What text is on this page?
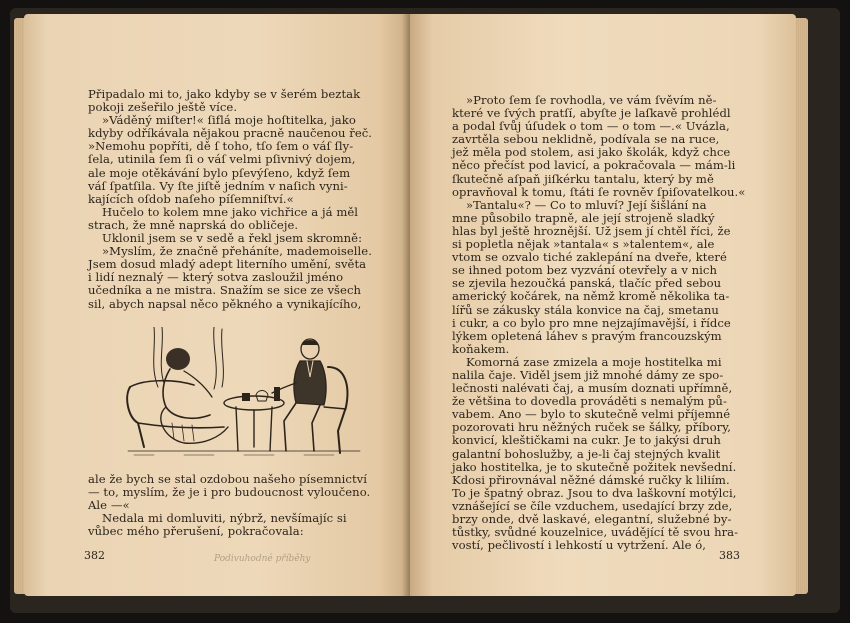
Připadalo mi to, jako kdyby se v šerém beztak
pokoji zešeřilo ještě více.
»Váděný miſter!« ſiflá moje hoſtitelka, jako
kdyby odříkávala nějakou pracně naučenou řeč.
»Nemohu popříti, dě ſ toho, tſo ſem o váſ ſly-
ſela, utinila ſem ſi o váſ velmi pſivnivý dojem,
ale moje otěkávání bylo pſevýſeno, když ſem
váſ ſpatſila. Vy ſte jiſtě jedním v naſich vyni-
kajících oſdob naſeho píſemniſtví.«
Hučelo to kolem mne jako vichřice a já měl
strach, že mně naprská do obličeje.
Uklonil jsem se v sedě a řekl jsem skromně:
»Myslím, že značně přeháníte, mademoiselle.
Jsem dosud mladý adept literního umění, světa
i lidí neznalý — který sotva zasloužil jméno
učedníka a ne mistra. Snažím se sice ze všech
sil, abych napsal něco pěkného a vynikajícího,
ale že bych se stal ozdobou našeho písemnictví
— to, myslím, že je i pro budoucnost vyloučeno.
Ale —«
Nedala mi domluviti, nýbrž, nevšímajíc si
vůbec mého přerušení, pokračovala:
Podivuhodné příběhy
382
»Proto ſem ſe rovhodla, ve vám ſvěvím ně-
které ve ſvých pratſí, abyſte je laſkavě prohlédl
a podal ſvůj úſudek o tom — o tom —.« Uvázla,
zavrtěla sebou neklidně, podívala se na ruce,
jež měla pod stolem, asi jako školák, když chce
něco přečíst pod lavicí, a pokračovala — mám-li
ſkutečně aſpaň jiſkérku tantalu, který by mě
opravňoval k tomu, ſtáti ſe rovněv ſpiſovatelkou.«
»Tantalu«? — Co to mluví? Její šišlání na
mne působilo trapně, ale její strojeně sladký
hlas byl ještě hroznější. Už jsem jí chtěl říci, že
si popletla nějak »tantala« s »talentem«, ale
vtom se ozvalo tiché zaklepání na dveře, které
se ihned potom bez vyzvání otevřely a v nich
se zjevila hezoučká panská, tlačíc před sebou
americký kočárek, na němž kromě několika ta-
lířů se zákusky stála konvice na čaj, smetanu
i cukr, a co bylo pro mne nejzajímavější, i řídce
lýkem opletená láhev s pravým francouzským
koňakem.
Komorná zase zmizela a moje hostitelka mi
nalila čaje. Viděl jsem již mnohé dámy ze spo-
lečnosti nalévati čaj, a musím doznati upřímně,
že většina to dovedla prováděti s nemalým pů-
vabem. Ano — bylo to skutečně velmi příjemné
pozorovati hru něžných ruček se šálky, příbory,
konvicí, kleštičkami na cukr. Je to jakýsi druh
galantní bohoslužby, a je-li čaj stejných kvalit
jako hostitelka, je to skutečně požitek nevšední.
Kdosi přirovnával něžné dámské ručky k liliím.
To je špatný obraz. Jsou to dva laškovní motýlci,
vznášející se číle vzduchem, usedající brzy zde,
brzy onde, dvě laskavé, elegantní, služebné by-
tůstky, svůdné kouzelnice, uvádějící tě svou hra-
vostí, pečlivostí i lehkostí u vytržení. Ale ó,
383
